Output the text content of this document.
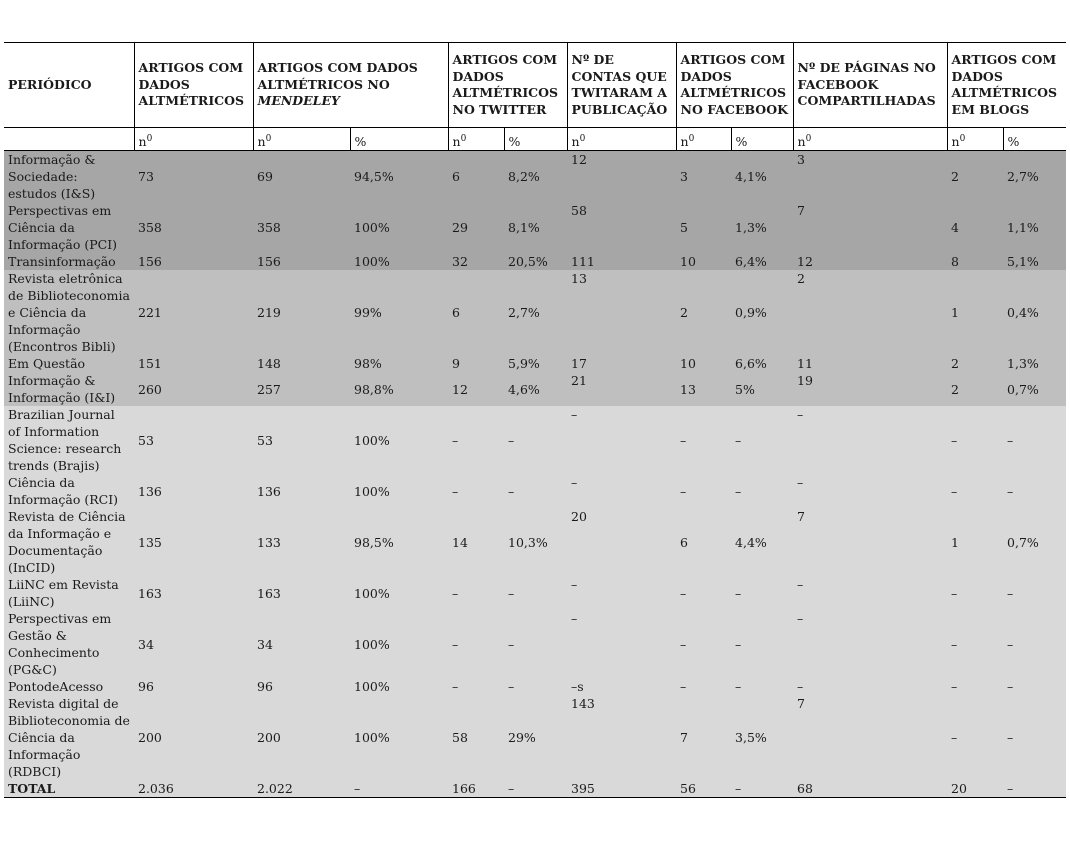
PERIÓDICO	ARTIGOS COM DADOS ALTMÉTRICOS	ARTIGOS COM DADOS ALTMÉTRICOS NO MENDELEY		ARTIGOS COM DADOS ALTMÉTRICOS NO TWITTER		Nº DE CONTAS QUE TWITARAM A PUBLICAÇÃO	ARTIGOS COM DADOS ALTMÉTRICOS NO FACEBOOK		Nº DE PÁGINAS NO FACEBOOK COMPARTILHADAS	ARTIGOS COM DADOS ALTMÉTRICOS EM BLOGS	
	$n^0$	$n^0$	%	$n^0$	%	$n^0$	$n^0$	%	$n^0$	$n^0$	%
Informação & Sociedade: estudos (I&S)	73	69	94,5%	6	8,2%	12	3	4,1%	3	2	2,7%
Perspectivas em Ciência da Informação (PCI)	358	358	100%	29	8,1%	58	5	1,3%	7	4	1,1%
Transinformação	156	156	100%	32	20,5%	111	10	6,4%	12	8	5,1%
Revista eletrônica de Biblioteconomia e Ciência da Informação (Encontros Bibli)	221	219	99%	6	2,7%	13	2	0,9%	2	1	0,4%
Em Questão	151	148	98%	9	5,9%	17	10	6,6%	11	2	1,3%
Informação & Informação (I&I)	260	257	98,8%	12	4,6%	21	13	5%	19	2	0,7%
Brazilian Journal of Information Science: research trends (Brajis)	53	53	100%	–	–	–	–	–	–	–	–
Ciência da Informação (RCI)	136	136	100%	–	–	–	–	–	–	–	–
Revista de Ciência da Informação e Documentação (InCID)	135	133	98,5%	14	10,3%	20	6	4,4%	7	1	0,7%
LiiNC em Revista (LiiNC)	163	163	100%	–	–	–	–	–	–	–	–
Perspectivas em Gestão & Conhecimento (PG&C)	34	34	100%	–	–	–	–	–	–	–	–
PontodeAcesso	96	96	100%	–	–	–s	–	–	–	–	–
Revista digital de Biblioteconomia de Ciência da Informação (RDBCI)	200	200	100%	58	29%	143	7	3,5%	7	–	–
TOTAL	2.036	2.022	–	166	–	395	56	–	68	20	–
